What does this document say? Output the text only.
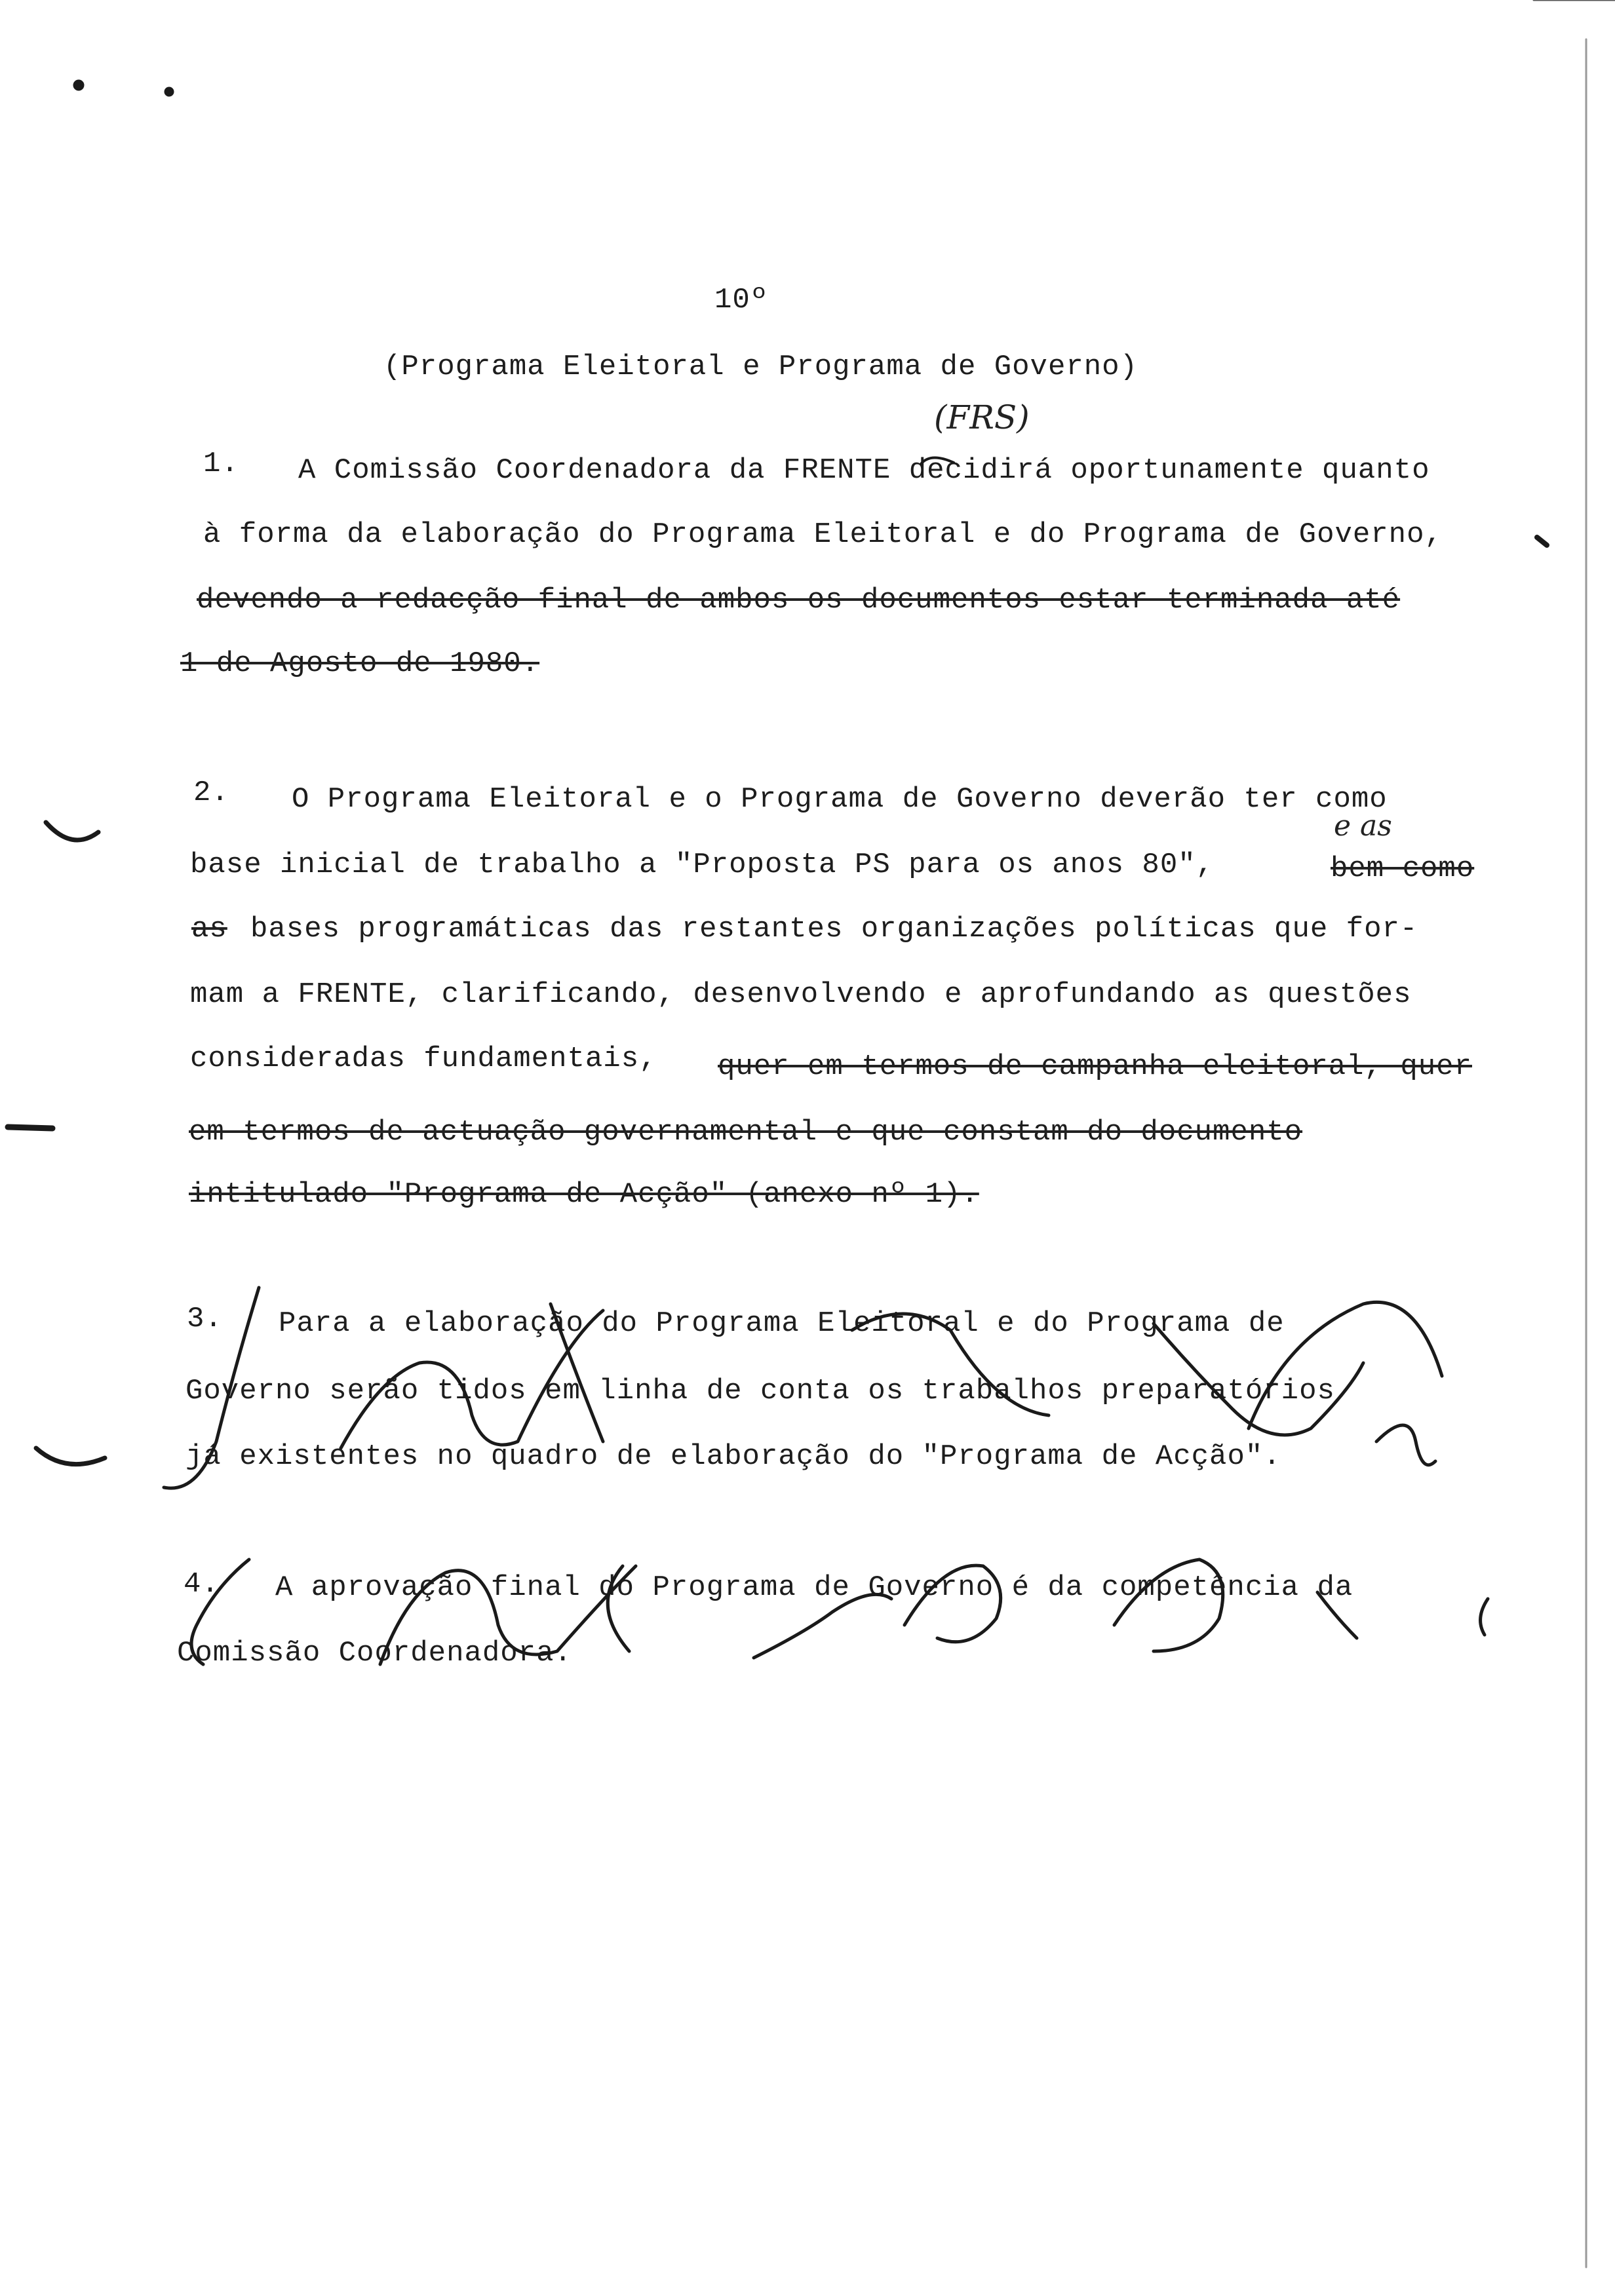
10º
(Programa Eleitoral e Programa de Governo)
(FRS)
1. A Comissão Coordenadora da FRENTE decidirá oportunamente quanto
à forma da elaboração do Programa Eleitoral e do Programa de Governo,
devendo a redacção final de ambos os documentos estar terminada até
1 de Agosto de 1980.
2. O Programa Eleitoral e o Programa de Governo deverão ter como
e as
base inicial de trabalho a "Proposta PS para os anos 80",	bem como
as bases programáticas das restantes organizações políticas que for-
mam a FRENTE, clarificando, desenvolvendo e aprofundando as questões
consideradas fundamentais, quer em termos de campanha eleitoral, quer
em termos de actuação governamental e que constam do documento
intitulado "Programa de Acção" (anexo nº 1).
3. Para a elaboração do Programa Eleitoral e do Programa de
Governo serão tidos em linha de conta os trabalhos preparatórios
já existentes no quadro de elaboração do "Programa de Acção".
4. A aprovação final do Programa de Governo é da competência da
Comissão Coordenadora.
